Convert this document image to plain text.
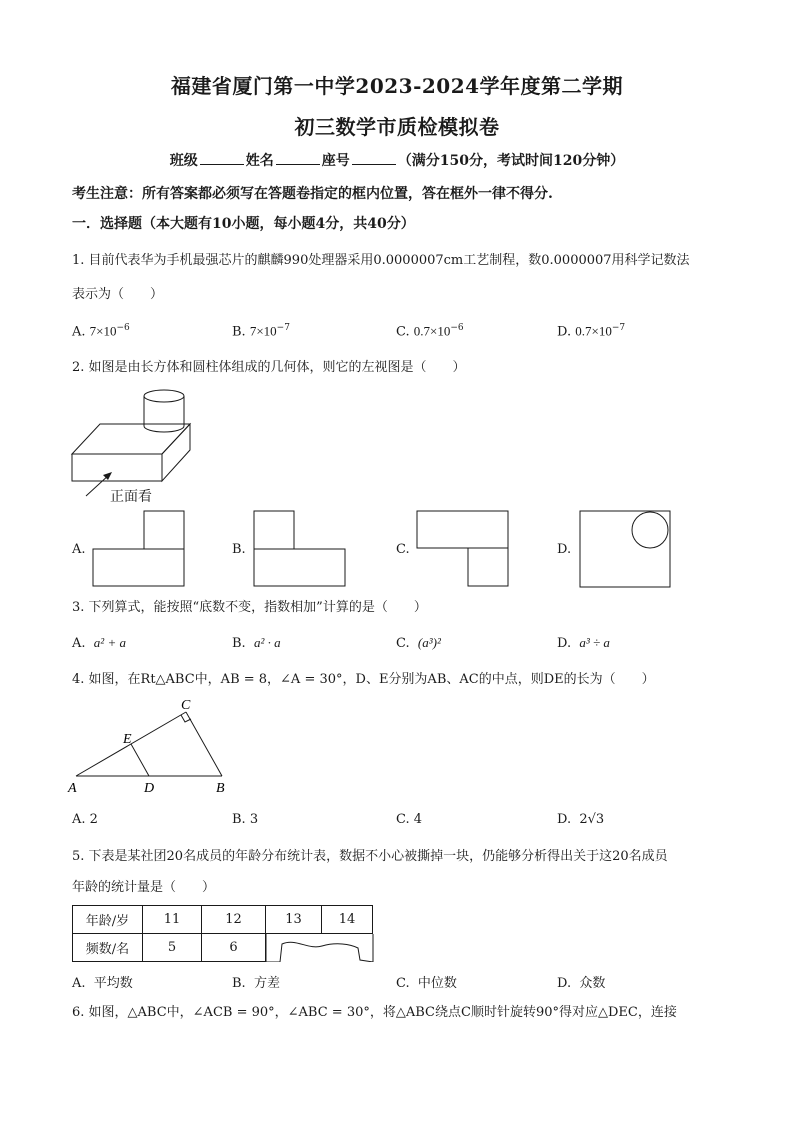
福建省厦门第一中学2023-2024学年度第二学期
初三数学市质检模拟卷
班级	姓名	座号	（满分150分，考试时间120分钟）
考生注意：所有答案都必须写在答题卷指定的框内位置，答在框外一律不得分.
一．选择题（本大题有10小题，每小题4分，共40分）
1. 目前代表华为手机最强芯片的麒麟990处理器采用0.0000007cm工艺制程，数0.0000007用科学记数法
表示为（　　）
A. $7\times 10^{-6}$	B. $7\times 10^{-7}$	C. $0.7\times 10^{-6}$	D. $0.7\times 10^{-7}$
2. 如图是由长方体和圆柱体组成的几何体，则它的左视图是（　　）
正面看
A.	B.	C.	D.
3. 下列算式，能按照“底数不变，指数相加”计算的是（　　）
A. a² + a	B. a² · a	C. (a³)²	D. a³ ÷ a
4. 如图，在Rt△ABC中，AB = 8，∠A = 30°，D、E分别为AB、AC的中点，则DE的长为（　　）
A	B
C
D
E
A. 2	B. 3	C. 4	D. 2√3
5. 下表是某社团20名成员的年龄分布统计表，数据不小心被撕掉一块，仍能够分析得出关于这20名成员
年龄的统计量是（　　）
年龄/岁	11	12	13	14
频数/名	5	6	
A. 平均数	B. 方差	C. 中位数	D. 众数
6. 如图，△ABC中，∠ACB = 90°，∠ABC = 30°，将△ABC绕点C顺时针旋转90°得对应△DEC，连接
